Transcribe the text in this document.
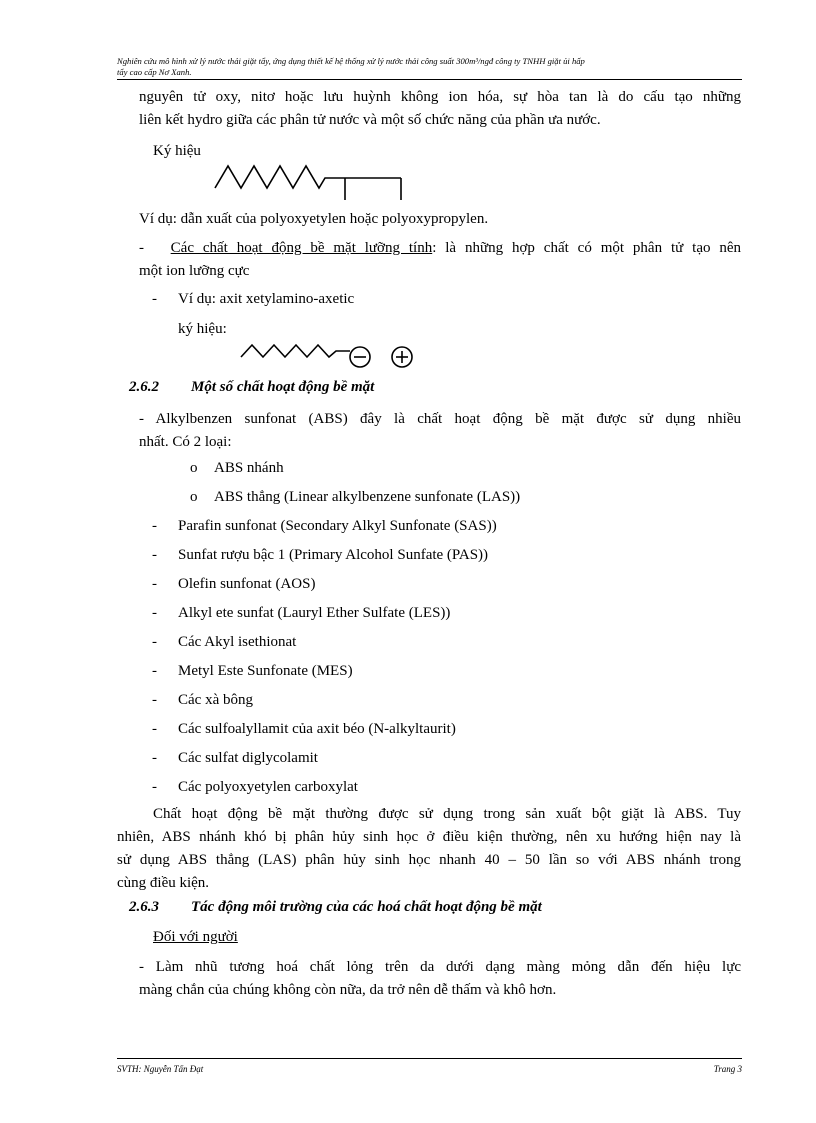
Nghiên cứu mô hình xử lý nước thải giặt tẩy, ứng dụng thiết kế hệ thống xử lý nước thải công suất 300m³/ngđ công ty TNHH giặt ủi hấp
tẩy cao cấp Nơ Xanh.
nguyên tử oxy, nitơ hoặc lưu huỳnh không ion hóa, sự hòa tan là do cấu tạo những
liên kết hydro giữa các phân tử nước và một số chức năng của phần ưa nước.
Ký hiệu
Ví dụ: dẫn xuất của polyoxyetylen hoặc polyoxypropylen.
- Các chất hoạt động bề mặt lưỡng tính: là những hợp chất có một phân tử tạo nên
một ion lưỡng cực
- Ví dụ: axit xetylamino-axetic
ký hiệu:
2.6.2 Một số chất hoạt động bề mặt
- Alkylbenzen sunfonat (ABS) đây là chất hoạt động bề mặt được sử dụng nhiều
nhất. Có 2 loại:
o ABS nhánh
o ABS thẳng (Linear alkylbenzene sunfonate (LAS))
- Parafin sunfonat (Secondary Alkyl Sunfonate (SAS))
- Sunfat rượu bậc 1 (Primary Alcohol Sunfate (PAS))
- Olefin sunfonat (AOS)
- Alkyl ete sunfat (Lauryl Ether Sulfate (LES))
- Các Akyl isethionat
- Metyl Este Sunfonate (MES)
- Các xà bông
- Các sulfoalyllamit của axit béo (N-alkyltaurit)
- Các sulfat diglycolamit
- Các polyoxyetylen carboxylat
Chất hoạt động bề mặt thường được sử dụng trong sản xuất bột giặt là ABS. Tuy
nhiên, ABS nhánh khó bị phân hủy sinh học ở điều kiện thường, nên xu hướng hiện nay là
sử dụng ABS thẳng (LAS) phân hủy sinh học nhanh 40 – 50 lần so với ABS nhánh trong
cùng điều kiện.
2.6.3 Tác động môi trường của các hoá chất hoạt động bề mặt
Đối với người
- Làm nhũ tương hoá chất lỏng trên da dưới dạng màng mỏng dẫn đến hiệu lực
màng chắn của chúng không còn nữa, da trở nên dễ thấm và khô hơn.
SVTH: Nguyễn Tấn Đạt	Trang 3
